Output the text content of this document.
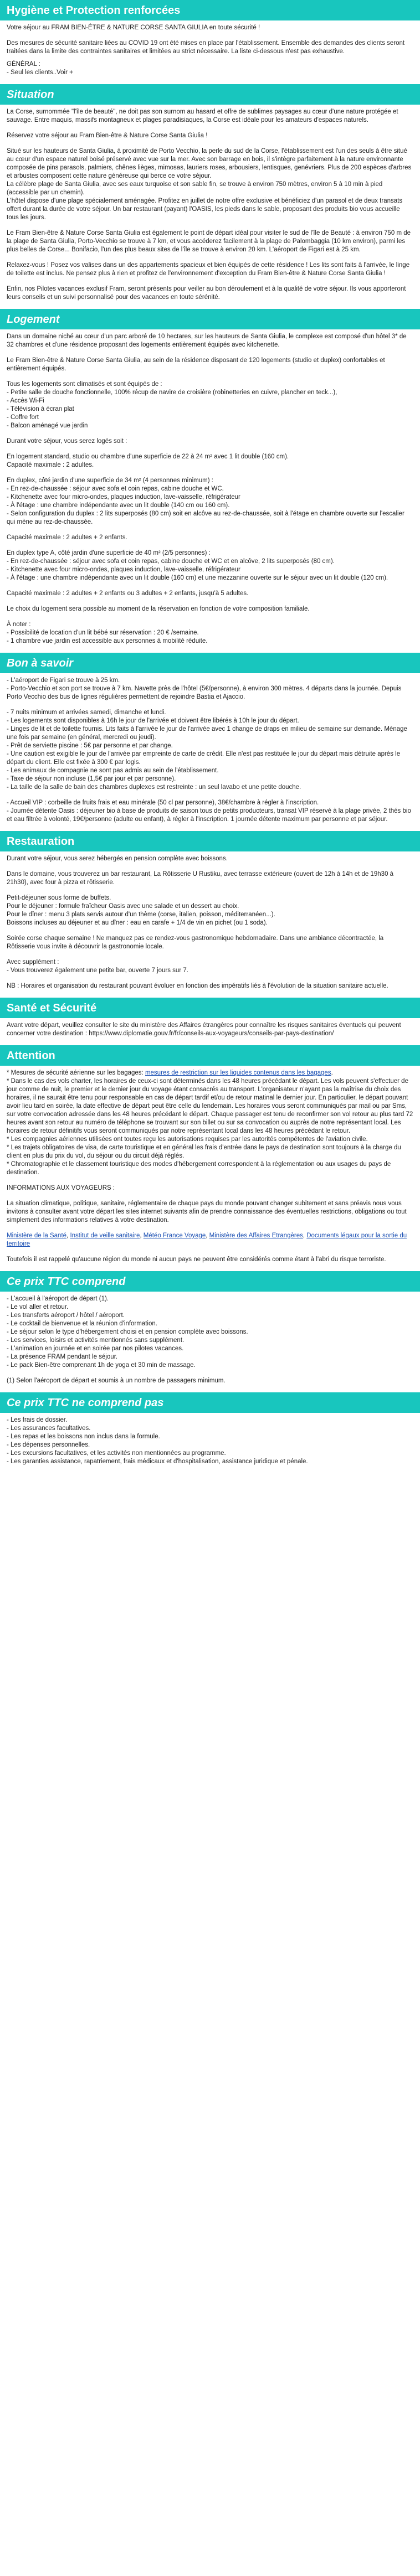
Hygiène et Protection renforcées

Votre séjour au FRAM BIEN-ÊTRE & NATURE CORSE SANTA GIULIA en toute sécurité !

Des mesures de sécurité sanitaire liées au COVID 19 ont été mises en place par l'établissement. Ensemble des demandes des clients seront traitées dans la limite des contraintes sanitaires et limitées au strict nécessaire. La liste ci-dessous n'est pas exhaustive.

GÉNÉRAL :

- Seul les clients..Voir +

Situation

La Corse, surnommée "l'île de beauté", ne doit pas son surnom au hasard et offre de sublimes paysages au cœur d'une nature protégée et sauvage. Entre maquis, massifs montagneux et plages paradisiaques, la Corse est idéale pour les amateurs d'espaces naturels.

Réservez votre séjour au Fram Bien-être & Nature Corse Santa Giulia !

Situé sur les hauteurs de Santa Giulia, à proximité de Porto Vecchio, la perle du sud de la Corse, l'établissement est l'un des seuls à être situé au cœur d'un espace naturel boisé préservé avec vue sur la mer. Avec son barrage en bois, il s'intègre parfaitement à la nature environnante composée de pins parasols, palmiers, chênes lièges, mimosas, lauriers roses, arbousiers, lentisques, genévriers. Plus de 200 espèces d'arbres et arbustes composent cette nature généreuse qui berce ce votre séjour.

La célèbre plage de Santa Giulia, avec ses eaux turquoise et son sable fin, se trouve à environ 750 mètres, environ 5 à 10 min à pied (accessible par un chemin).

L'hôtel dispose d'une plage spécialement aménagée. Profitez en juillet de notre offre exclusive et bénéficiez d'un parasol et de deux transats offert durant la durée de votre séjour. Un bar restaurant (payant) l'OASIS, les pieds dans le sable, proposant des produits bio vous accueille tous les jours.

Le Fram Bien-être & Nature Corse Santa Giulia est également le point de départ idéal pour visiter le sud de l'île de Beauté : à environ 750 m de la plage de Santa Giulia, Porto-Vecchio se trouve à 7 km, et vous accéderez facilement à la plage de Palombaggia (10 km environ), parmi les plus belles de Corse... Bonifacio, l'un des plus beaux sites de l'île se trouve à environ 20 km. L'aéroport de Figari est à 25 km.

Relaxez-vous ! Posez vos valises dans un des appartements spacieux et bien équipés de cette résidence ! Les lits sont faits à l'arrivée, le linge de toilette est inclus. Ne pensez plus à rien et profitez de l'environnement d'exception du Fram Bien-être & Nature Corse Santa Giulia !

Enfin, nos Pilotes vacances exclusif Fram, seront présents pour veiller au bon déroulement et à la qualité de votre séjour. Ils vous apporteront leurs conseils et un suivi personnalisé pour des vacances en toute sérénité.

Logement

Dans un domaine niché au cœur d'un parc arboré de 10 hectares, sur les hauteurs de Santa Giulia, le complexe est composé d'un hôtel 3* de 32 chambres et d'une résidence proposant des logements entièrement équipés avec kitchenette.

Le Fram Bien-être & Nature Corse Santa Giulia, au sein de la résidence disposant de 120 logements (studio et duplex) confortables et entièrement équipés.

Tous les logements sont climatisés et sont équipés de :

- Petite salle de douche fonctionnelle, 100% récup de navire de croisière (robinetteries en cuivre, plancher en teck...),
- Accès Wi-Fi
- Télévision à écran plat
- Coffre fort
- Balcon aménagé vue jardin

Durant votre séjour, vous serez logés soit :

En logement standard, studio ou chambre d'une superficie de 22 à 24 m² avec 1 lit double (160 cm).

Capacité maximale : 2 adultes.

En duplex, côté jardin d'une superficie de 34 m² (4 personnes minimum) :

- En rez-de-chaussée : séjour avec sofa et coin repas, cabine douche et WC.
- Kitchenette avec four micro-ondes, plaques induction, lave-vaisselle, réfrigérateur
- À l'étage : une chambre indépendante avec un lit double (140 cm ou 160 cm).
- Selon configuration du duplex : 2 lits superposés (80 cm) soit en alcôve au rez-de-chaussée, soit à l'étage en chambre ouverte sur l'escalier qui mène au rez-de-chaussée.

Capacité maximale : 2 adultes + 2 enfants.

En duplex type A, côté jardin d'une superficie de 40 m² (2/5 personnes) :

- En rez-de-chaussée : séjour avec sofa et coin repas, cabine douche et WC et en alcôve, 2 lits superposés (80 cm).
- Kitchenette avec four micro-ondes, plaques induction, lave-vaisselle, réfrigérateur
- À l'étage : une chambre indépendante avec un lit double (160 cm) et une mezzanine ouverte sur le séjour avec un lit double (120 cm).

Capacité maximale : 2 adultes + 2 enfants ou 3 adultes + 2 enfants, jusqu'à 5 adultes.

Le choix du logement sera possible au moment de la réservation en fonction de votre composition familiale.

À noter :

- Possibilité de location d'un lit bébé sur réservation : 20 € /semaine.
- 1 chambre vue jardin est accessible aux personnes à mobilité réduite.
Bon à savoir
- L'aéroport de Figari se trouve à 25 km.
- Porto-Vecchio et son port se trouve à 7 km. Navette près de l'hôtel (5€/personne), à environ 300 mètres. 4 départs dans la journée. Depuis Porto Vecchio des bus de lignes régulières permettent de rejoindre Bastia et Ajaccio.
- 7 nuits minimum et arrivées samedi, dimanche et lundi.
- Les logements sont disponibles à 16h le jour de l'arrivée et doivent être libérés à 10h le jour du départ.
- Linges de lit et de toilette fournis. Lits faits à l'arrivée le jour de l'arrivée avec 1 change de draps en milieu de semaine sur demande. Ménage une fois par semaine (en général, mercredi ou jeudi).
- Prêt de serviette piscine : 5€ par personne et par change.
- Une caution est exigible le jour de l'arrivée par empreinte de carte de crédit. Elle n'est pas restituée le jour du départ mais détruite après le départ du client. Elle est fixée à 300 € par logis.
- Les animaux de compagnie ne sont pas admis au sein de l'établissement.
- Taxe de séjour non incluse (1,5€ par jour et par personne).
- La taille de la salle de bain des chambres duplexes est restreinte : un seul lavabo et une petite douche.
- Accueil VIP : corbeille de fruits frais et eau minérale (50 cl par personne), 38€/chambre à régler à l'inscription.
- Journée détente Oasis : déjeuner bio à base de produits de saison tous de petits producteurs, transat VIP réservé à la plage privée, 2 thés bio et eau filtrée à volonté, 19€/personne (adulte ou enfant), à régler à l'inscription. 1 journée détente maximum par personne et par séjour.
Restauration

Durant votre séjour, vous serez hébergés en pension complète avec boissons.

Dans le domaine, vous trouverez un bar restaurant, La Rôtisserie U Rustiku, avec terrasse extérieure (ouvert de 12h à 14h et de 19h30 à 21h30), avec four à pizza et rôtisserie.

Petit-déjeuner sous forme de buffets.

Pour le déjeuner : formule fraîcheur Oasis avec une salade et un dessert au choix.
Pour le dîner : menu 3 plats servis autour d'un thème (corse, italien, poisson, méditerranéen...).
Boissons incluses au déjeuner et au dîner : eau en carafe + 1/4 de vin en pichet (ou 1 soda).

Soirée corse chaque semaine ! Ne manquez pas ce rendez-vous gastronomique hebdomadaire. Dans une ambiance décontractée, la Rôtisserie vous invite à découvrir la gastronomie locale.

Avec supplément :

- Vous trouverez également une petite bar, ouverte 7 jours sur 7.

NB : Horaires et organisation du restaurant pouvant évoluer en fonction des impératifs liés à l'évolution de la situation sanitaire actuelle.

Santé et Sécurité

Avant votre départ, veuillez consulter le site du ministère des Affaires étrangères pour connaître les risques sanitaires éventuels qui peuvent concerner votre destination : https://www.diplomatie.gouv.fr/fr/conseils-aux-voyageurs/conseils-par-pays-destination/

Attention

* Mesures de sécurité aérienne sur les bagages: mesures de restriction sur les liquides contenus dans les bagages.

* Dans le cas des vols charter, les horaires de ceux-ci sont déterminés dans les 48 heures précédant le départ. Les vols peuvent s'effectuer de jour comme de nuit, le premier et le dernier jour du voyage étant consacrés au transport. L'organisateur n'ayant pas la maîtrise du choix des horaires, il ne saurait être tenu pour responsable en cas de départ tardif et/ou de retour matinal le dernier jour. En particulier, le départ pouvant avoir lieu tard en soirée, la date effective de départ peut être celle du lendemain. Les horaires vous seront communiqués par mail ou par Sms, sur votre convocation adressée dans les 48 heures précédant le départ. Chaque passager est tenu de reconfirmer son vol retour au plus tard 72 heures avant son retour au numéro de téléphone se trouvant sur son billet ou sur sa convocation ou auprès de notre représentant local. Les horaires de retour définitifs vous seront communiqués par notre représentant local dans les 48 heures précédant le retour.

* Les compagnies aériennes utilisées ont toutes reçu les autorisations requises par les autorités compétentes de l'aviation civile.

* Les trajets obligatoires de visa, de carte touristique et en général les frais d'entrée dans le pays de destination sont toujours à la charge du client en plus du prix du vol, du séjour ou du circuit déjà réglés.

* Chromatographie et le classement touristique des modes d'hébergement correspondent à la réglementation ou aux usages du pays de destination.

INFORMATIONS AUX VOYAGEURS :

La situation climatique, politique, sanitaire, réglementaire de chaque pays du monde pouvant changer subitement et sans préavis nous vous invitons à consulter avant votre départ les sites internet suivants afin de prendre connaissance des éventuelles restrictions, obligations ou tout simplement des informations relatives à votre destination.

Ministère de la Santé, Institut de veille sanitaire, Météo France Voyage, Ministère des Affaires Etrangères, Documents légaux pour la sortie du territoire

Toutefois il est rappelé qu'aucune région du monde ni aucun pays ne peuvent être considérés comme étant à l'abri du risque terroriste.

Ce prix TTC comprend
- L'accueil à l'aéroport de départ (1).
- Le vol aller et retour.
- Les transferts aéroport / hôtel / aéroport.
- Le cocktail de bienvenue et la réunion d'information.
- Le séjour selon le type d'hébergement choisi et en pension complète avec boissons.
- Les services, loisirs et activités mentionnés sans supplément.
- L'animation en journée et en soirée par nos pilotes vacances.
- La présence FRAM pendant le séjour.
- Le pack Bien-être comprenant 1h de yoga et 30 min de massage.

(1) Selon l'aéroport de départ et soumis à un nombre de passagers minimum.

Ce prix TTC ne comprend pas
- Les frais de dossier.
- Les assurances facultatives.
- Les repas et les boissons non inclus dans la formule.
- Les dépenses personnelles.
- Les excursions facultatives, et les activités non mentionnées au programme.
- Les garanties assistance, rapatriement, frais médicaux et d'hospitalisation, assistance juridique et pénale.
